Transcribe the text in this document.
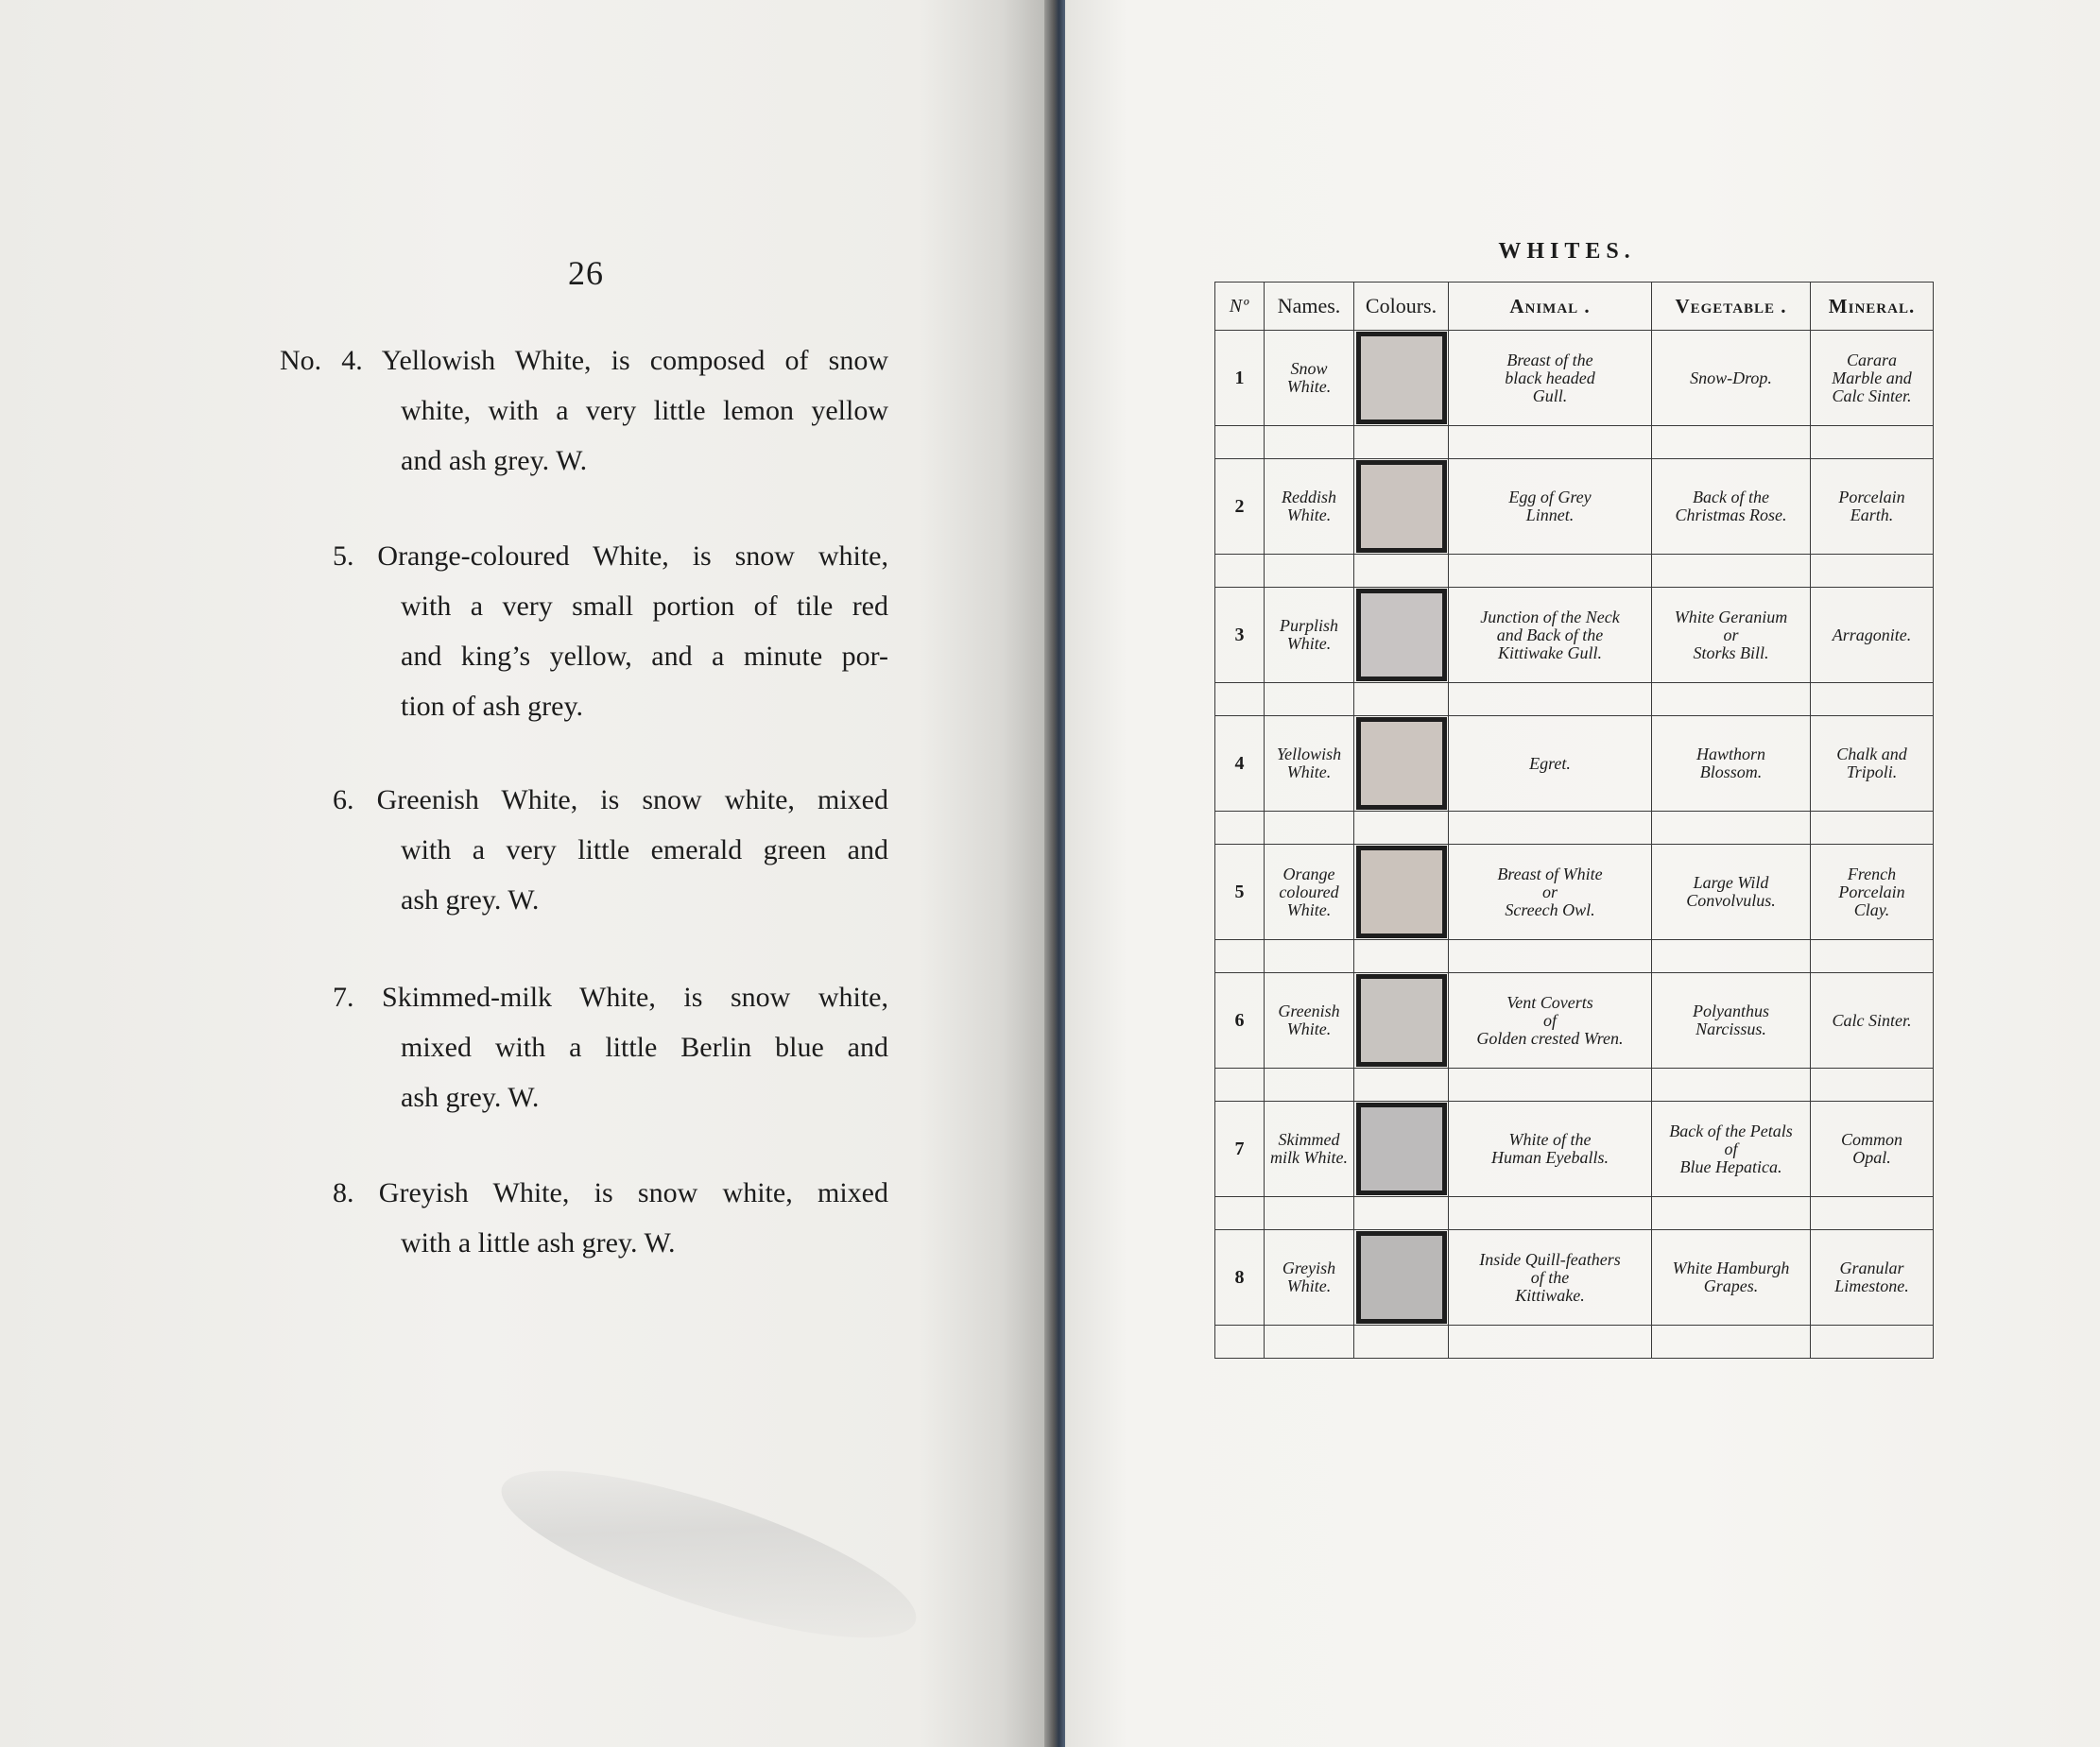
26
No. 4. Yellowish White, is composed of snow
white, with a very little lemon yellow
and ash grey. W.
5. Orange-coloured White, is snow white,
with a very small portion of tile red
and king’s yellow, and a minute por-
tion of ash grey.
6. Greenish White, is snow white, mixed
with a very little emerald green and
ash grey. W.
7. Skimmed-milk White, is snow white,
mixed with a little Berlin blue and
ash grey. W.
8. Greyish White, is snow white, mixed
with a little ash grey. W.
WHITES.
Nº	Names.	Colours.	Animal .	Vegetable .	Mineral.
1	Snow
White.		Breast of the
black headed
Gull.	Snow-Drop.	Carara
Marble and
Calc Sinter.

2	Reddish
White.		Egg of Grey
Linnet.	Back of the
Christmas Rose.	Porcelain
Earth.

3	Purplish
White.		Junction of the Neck
and Back of the
Kittiwake Gull.	White Geranium
or
Storks Bill.	Arragonite.

4	Yellowish
White.		Egret.	Hawthorn
Blossom.	Chalk and
Tripoli.

5	Orange
coloured
White.		Breast of White
or
Screech Owl.	Large Wild
Convolvulus.	French
Porcelain
Clay.

6	Greenish
White.		Vent Coverts
of
Golden crested Wren.	Polyanthus
Narcissus.	Calc Sinter.

7	Skimmed
milk White.		White of the
Human Eyeballs.	Back of the Petals
of
Blue Hepatica.	Common
Opal.

8	Greyish
White.		Inside Quill-feathers
of the
Kittiwake.	White Hamburgh
Grapes.	Granular
Limestone.
